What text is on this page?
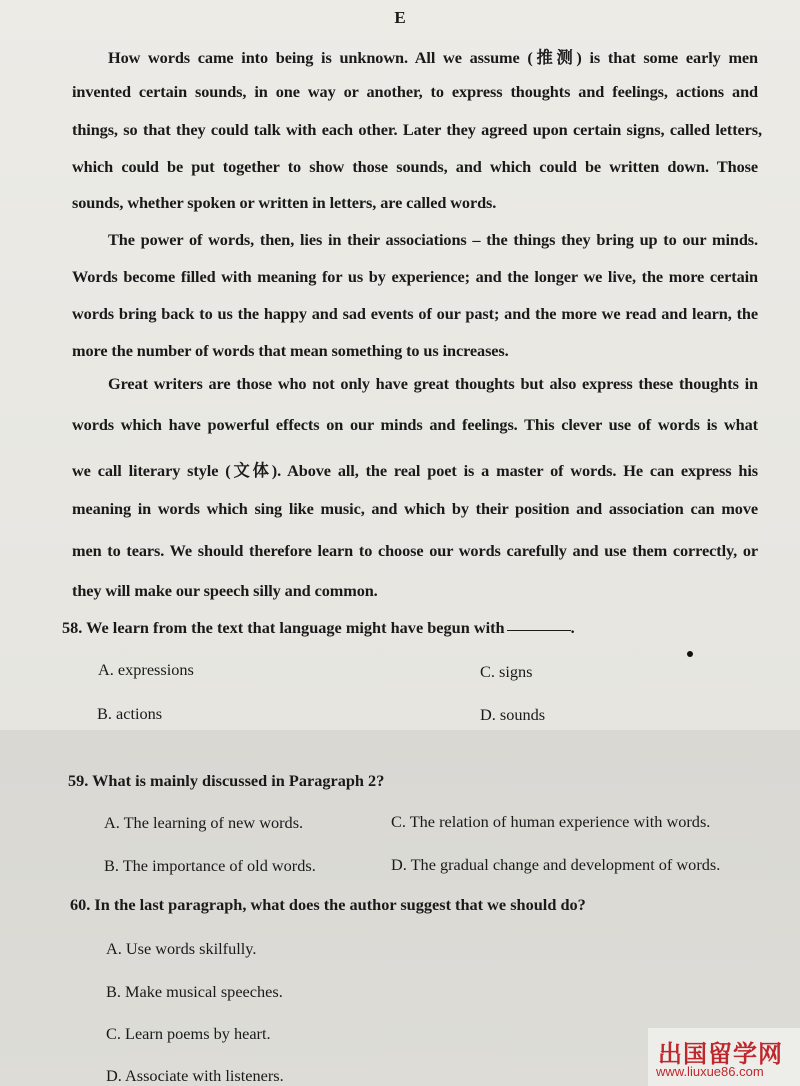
E
How words came into being is unknown. All we assume (推测) is that some early men
invented certain sounds, in one way or another, to express thoughts and feelings, actions and
things, so that they could talk with each other. Later they agreed upon certain signs, called letters,
which could be put together to show those sounds, and which could be written down. Those
sounds, whether spoken or written in letters, are called words.
The power of words, then, lies in their associations – the things they bring up to our minds.
Words become filled with meaning for us by experience; and the longer we live, the more certain
words bring back to us the happy and sad events of our past; and the more we read and learn, the
more the number of words that mean something to us increases.
Great writers are those who not only have great thoughts but also express these thoughts in
words which have powerful effects on our minds and feelings. This clever use of words is what
we call literary style (文体). Above all, the real poet is a master of words. He can express his
meaning in words which sing like music, and which by their position and association can move
men to tears. We should therefore learn to choose our words carefully and use them correctly, or
they will make our speech silly and common.
58. We learn from the text that language might have begun with	.
A. expressions	C. signs
B. actions	D. sounds
59. What is mainly discussed in Paragraph 2?
A. The learning of new words.	C. The relation of human experience with words.
B. The importance of old words.	D. The gradual change and development of words.
60. In the last paragraph, what does the author suggest that we should do?
A. Use words skilfully.
B. Make musical speeches.
C. Learn poems by heart.
D. Associate with listeners.
出国留学网
www.liuxue86.com
